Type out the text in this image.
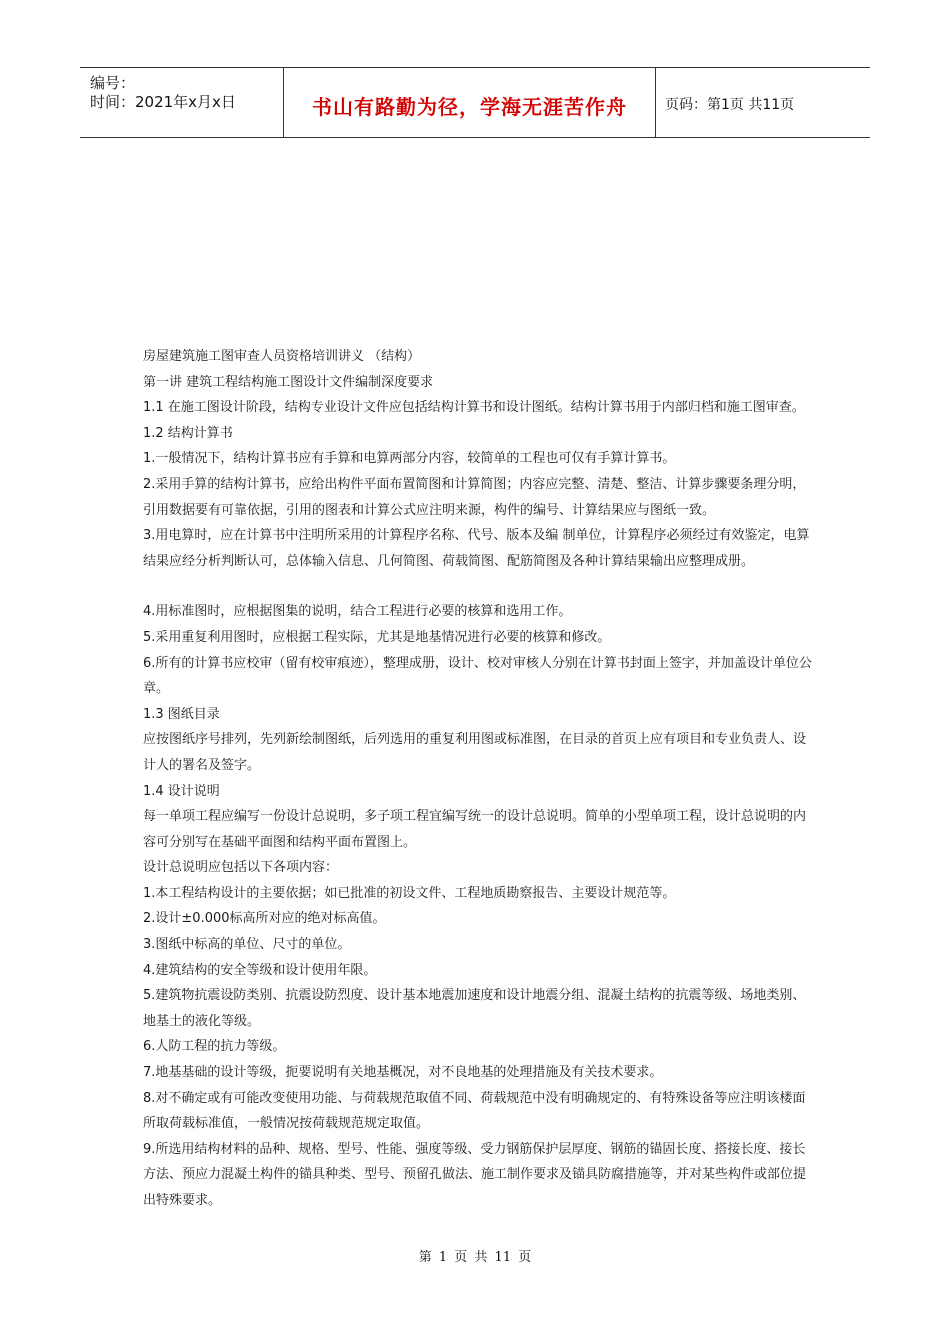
编号：
时间：2021年x月x日	书山有路勤为径，学海无涯苦作舟	页码：第1页 共11页

房屋建筑施工图审查人员资格培训讲义 （结构）

第一讲 建筑工程结构施工图设计文件编制深度要求

1.1 在施工图设计阶段，结构专业设计文件应包括结构计算书和设计图纸。结构计算书用于内部归档和施工图审查。

1.2 结构计算书

1.一般情况下，结构计算书应有手算和电算两部分内容，较简单的工程也可仅有手算计算书。

2.采用手算的结构计算书，应给出构件平面布置简图和计算简图；内容应完整、清楚、整洁、计算步骤要条理分明，引用数据要有可靠依据，引用的图表和计算公式应注明来源，构件的编号、计算结果应与图纸一致。

3.用电算时，应在计算书中注明所采用的计算程序名称、代号、版本及编 制单位，计算程序必须经过有效鉴定，电算结果应经分析判断认可，总体输入信息、几何简图、荷载简图、配筋简图及各种计算结果输出应整理成册。

4.用标准图时，应根据图集的说明，结合工程进行必要的核算和选用工作。

5.采用重复利用图时，应根据工程实际，尤其是地基情况进行必要的核算和修改。

6.所有的计算书应校审（留有校审痕迹），整理成册，设计、校对审核人分别在计算书封面上签字，并加盖设计单位公章。

1.3 图纸目录

应按图纸序号排列，先列新绘制图纸，后列选用的重复利用图或标准图，在目录的首页上应有项目和专业负责人、设计人的署名及签字。

1.4 设计说明

每一单项工程应编写一份设计总说明，多子项工程宜编写统一的设计总说明。简单的小型单项工程，设计总说明的内容可分别写在基础平面图和结构平面布置图上。

设计总说明应包括以下各项内容：

1.本工程结构设计的主要依据；如已批准的初设文件、工程地质勘察报告、主要设计规范等。

2.设计±0.000标高所对应的绝对标高值。

3.图纸中标高的单位、尺寸的单位。

4.建筑结构的安全等级和设计使用年限。

5.建筑物抗震设防类别、抗震设防烈度、设计基本地震加速度和设计地震分组、混凝土结构的抗震等级、场地类别、地基土的液化等级。

6.人防工程的抗力等级。

7.地基基础的设计等级，扼要说明有关地基概况，对不良地基的处理措施及有关技术要求。

8.对不确定或有可能改变使用功能、与荷载规范取值不同、荷载规范中没有明确规定的、有特殊设备等应注明该楼面所取荷载标准值，一般情况按荷载规范规定取值。

9.所选用结构材料的品种、规格、型号、性能、强度等级、受力钢筋保护层厚度、钢筋的锚固长度、搭接长度、接长方法、预应力混凝土构件的锚具种类、型号、预留孔做法、施工制作要求及锚具防腐措施等，并对某些构件或部位提出特殊要求。

第 1 页 共 11 页
